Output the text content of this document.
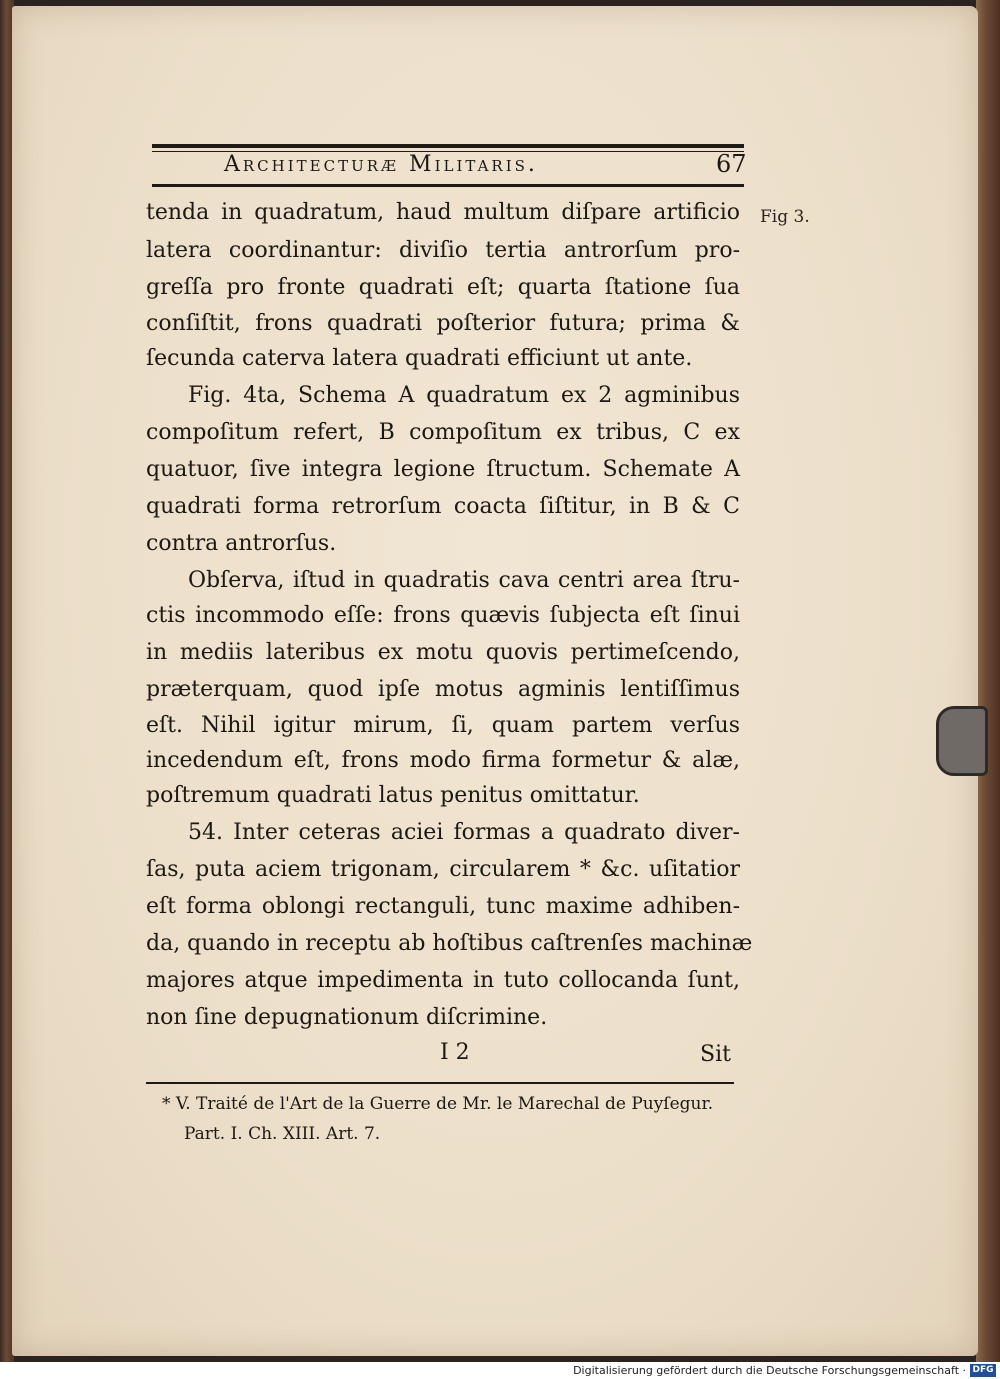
Architecturæ Militaris.	67
Fig 3.
tenda in quadratum, haud multum diſpare artificio
latera coordinantur: diviſio tertia antrorſum pro-
greſſa pro fronte quadrati eſt; quarta ſtatione ſua
conſiſtit, frons quadrati poſterior futura; prima &
ſecunda caterva latera quadrati efficiunt ut ante.
Fig. 4ta, Schema A quadratum ex 2 agminibus
compoſitum refert, B compoſitum ex tribus, C ex
quatuor, ſive integra legione ſtructum. Schemate A
quadrati forma retrorſum coacta ſiſtitur, in B & C
contra antrorſus.
Obſerva, iſtud in quadratis cava centri area ſtru-
ctis incommodo eſſe: frons quævis ſubjecta eſt ſinui
in mediis lateribus ex motu quovis pertimeſcendo,
præterquam, quod ipſe motus agminis lentiſſimus
eſt. Nihil igitur mirum, ſi, quam partem verſus
incedendum eſt, frons modo firma formetur & alæ,
poſtremum quadrati latus penitus omittatur.
54. Inter ceteras aciei formas a quadrato diver-
ſas, puta aciem trigonam, circularem * &c. uſitatior
eſt forma oblongi rectanguli, tunc maxime adhiben-
da, quando in receptu ab hoſtibus caſtrenſes machinæ
majores atque impedimenta in tuto collocanda ſunt,
non ſine depugnationum diſcrimine.
I 2	Sit
* V. Traité de l'Art de la Guerre de Mr. le Marechal de Puyſegur.
Part. I. Ch. XIII. Art. 7.
Digitalisierung gefördert durch die Deutsche Forschungsgemeinschaft · DFG
